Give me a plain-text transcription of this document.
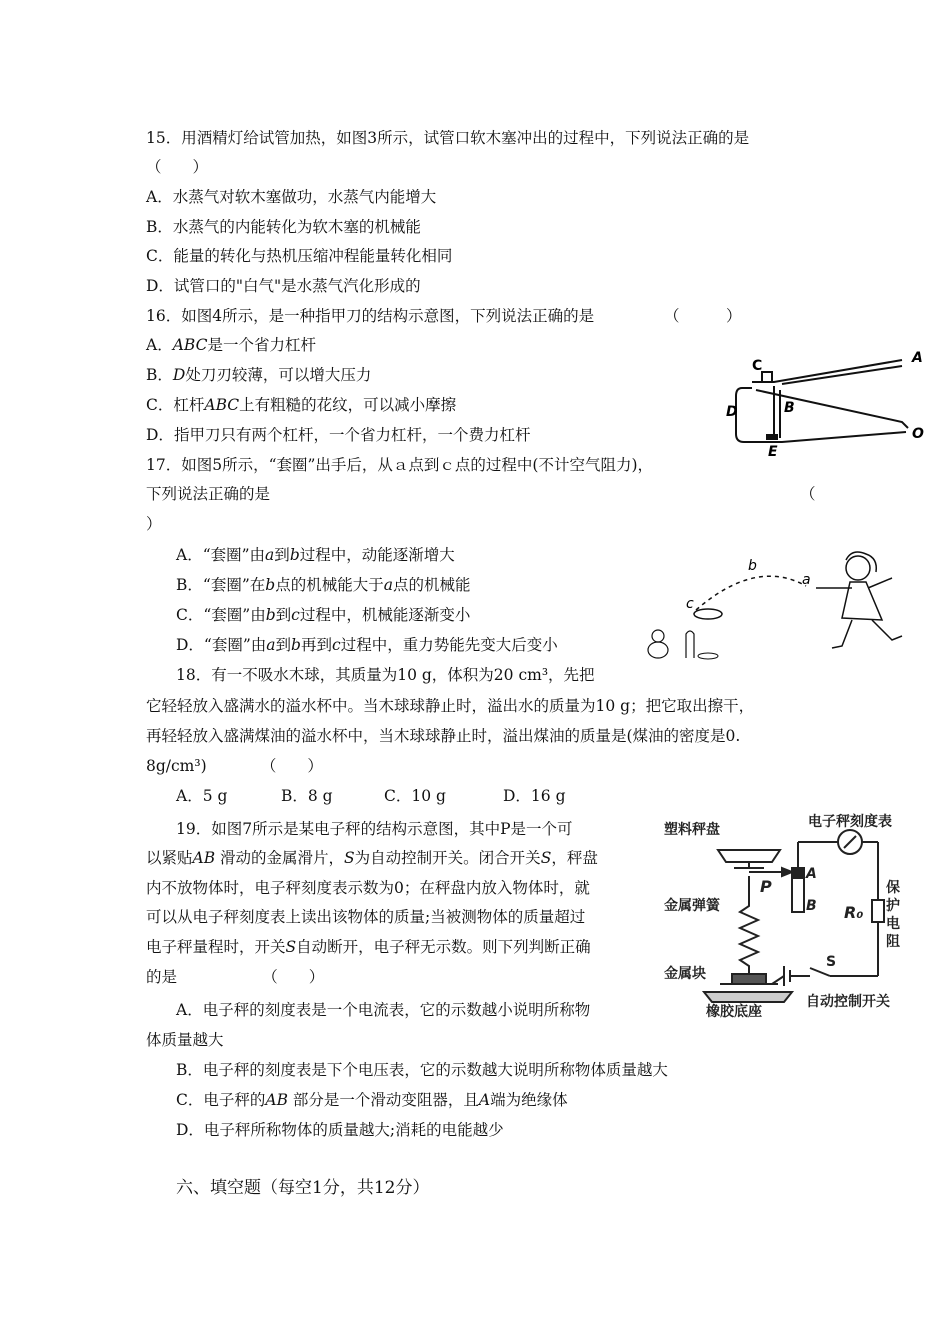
15．用酒精灯给试管加热，如图3所示，试管口软木塞冲出的过程中，下列说法正确的是
（　　）
A．水蒸气对软木塞做功，水蒸气内能增大
B．水蒸气的内能转化为软木塞的机械能
C．能量的转化与热机压缩冲程能量转化相同
D．试管口的"白气"是水蒸气汽化形成的
16．如图4所示，是一种指甲刀的结构示意图，下列说法正确的是	（　　　）
A．ABC是一个省力杠杆
B．D处刀刃较薄，可以增大压力
C．杠杆ABC上有粗糙的花纹，可以减小摩擦
D．指甲刀只有两个杠杆，一个省力杠杆，一个费力杠杆
C	A
B
D
O
E
17．如图5所示，“套圈”出手后，从ａ点到ｃ点的过程中(不计空气阻力)，
下列说法正确的是	（
）
A．“套圈”由a到b过程中，动能逐渐增大
B．“套圈”在b点的机械能大于a点的机械能
C．“套圈”由b到c过程中，机械能逐渐变小
D．“套圈”由a到b再到c过程中，重力势能先变大后变小
b
a
c
18．有一不吸水木球，其质量为10 g，体积为20 cm³，先把
它轻轻放入盛满水的溢水杯中。当木球球静止时，溢出水的质量为10 g；把它取出擦干，
再轻轻放入盛满煤油的溢水杯中，当木球球静止时，溢出煤油的质量是(煤油的密度是0.
8g/cm³)　　　　（　　）
A．5 g	B．8 g	C．10 g	D．16 g
19．如图7所示是某电子秤的结构示意图，其中P是一个可
以紧贴AB 滑动的金属滑片，S为自动控制开关。闭合开关S，秤盘
内不放物体时，电子秤刻度表示数为0；在秤盘内放入物体时，就
可以从电子秤刻度表上读出该物体的质量;当被测物体的质量超过
电子秤量程时，开关S自动断开，电子秤无示数。则下列判断正确
的是　　　　　　（　　）
A．电子秤的刻度表是一个电流表，它的示数越小说明所称物
体质量越大
B．电子秤的刻度表是下个电压表，它的示数越大说明所称物体质量越大
C．电子秤的AB 部分是一个滑动变阻器，且A端为绝缘体
D．电子秤所称物体的质量越大;消耗的电能越少
塑料秤盘	电子秤刻度表
金属弹簧
金属块
橡胶底座
自动控制开关
保
护
电
阻
P
A
B R₀
S
六、填空题（每空1分，共12分）
